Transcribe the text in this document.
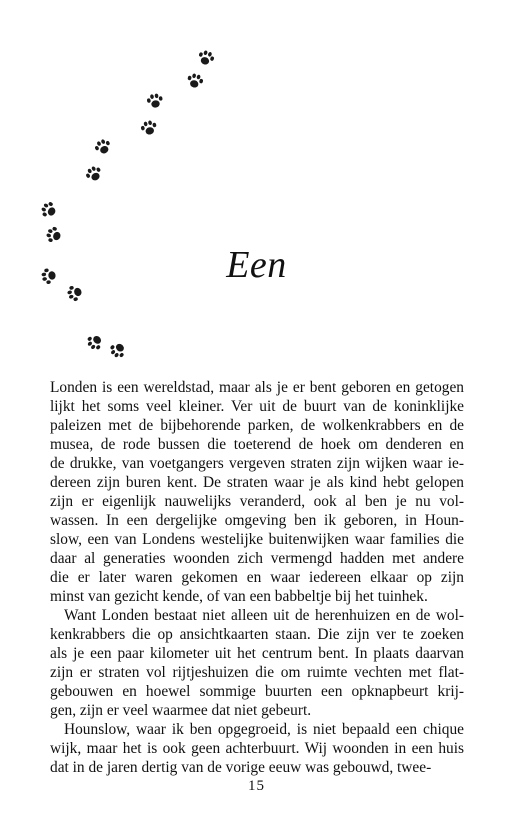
Een
Londen is een wereldstad, maar als je er bent geboren en getogen
lijkt het soms veel kleiner. Ver uit de buurt van de koninklijke
paleizen met de bijbehorende parken, de wolkenkrabbers en de
musea, de rode bussen die toeterend de hoek om denderen en
de drukke, van voetgangers vergeven straten zijn wijken waar ie-
dereen zijn buren kent. De straten waar je als kind hebt gelopen
zijn er eigenlijk nauwelijks veranderd, ook al ben je nu vol-
wassen. In een dergelijke omgeving ben ik geboren, in Houn-
slow, een van Londens westelijke buitenwijken waar families die
daar al generaties woonden zich vermengd hadden met andere
die er later waren gekomen en waar iedereen elkaar op zijn
minst van gezicht kende, of van een babbeltje bij het tuinhek.
Want Londen bestaat niet alleen uit de herenhuizen en de wol-
kenkrabbers die op ansichtkaarten staan. Die zijn ver te zoeken
als je een paar kilometer uit het centrum bent. In plaats daarvan
zijn er straten vol rijtjeshuizen die om ruimte vechten met flat-
gebouwen en hoewel sommige buurten een opknapbeurt krij-
gen, zijn er veel waarmee dat niet gebeurt.
Hounslow, waar ik ben opgegroeid, is niet bepaald een chique
wijk, maar het is ook geen achterbuurt. Wij woonden in een huis
dat in de jaren dertig van de vorige eeuw was gebouwd, twee-
15
